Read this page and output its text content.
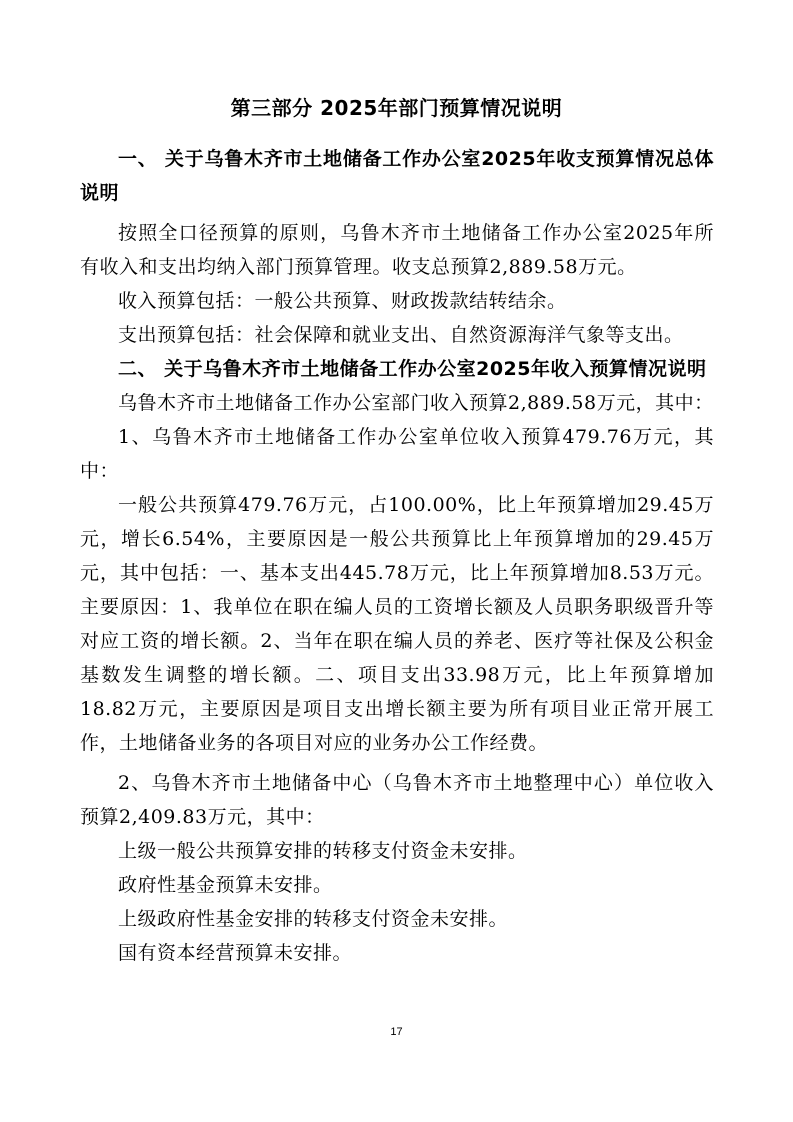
第三部分 2025年部门预算情况说明

一、 关于乌鲁木齐市土地储备工作办公室2025年收支预算情况总体说明

按照全口径预算的原则，乌鲁木齐市土地储备工作办公室2025年所有收入和支出均纳入部门预算管理。收支总预算2,889.58万元。

收入预算包括：一般公共预算、财政拨款结转结余。

支出预算包括：社会保障和就业支出、自然资源海洋气象等支出。

二、 关于乌鲁木齐市土地储备工作办公室2025年收入预算情况说明

乌鲁木齐市土地储备工作办公室部门收入预算2,889.58万元，其中：

1、乌鲁木齐市土地储备工作办公室单位收入预算479.76万元，其中：

一般公共预算479.76万元，占100.00%，比上年预算增加29.45万元，增长6.54%，主要原因是一般公共预算比上年预算增加的29.45万元，其中包括：一、基本支出445.78万元，比上年预算增加8.53万元。主要原因：1、我单位在职在编人员的工资增长额及人员职务职级晋升等对应工资的增长额。2、当年在职在编人员的养老、医疗等社保及公积金基数发生调整的增长额。二、项目支出33.98万元，比上年预算增加18.82万元，主要原因是项目支出增长额主要为所有项目业正常开展工作，土地储备业务的各项目对应的业务办公工作经费。

2、乌鲁木齐市土地储备中心（乌鲁木齐市土地整理中心）单位收入预算2,409.83万元，其中：

上级一般公共预算安排的转移支付资金未安排。

政府性基金预算未安排。

上级政府性基金安排的转移支付资金未安排。

国有资本经营预算未安排。

17
